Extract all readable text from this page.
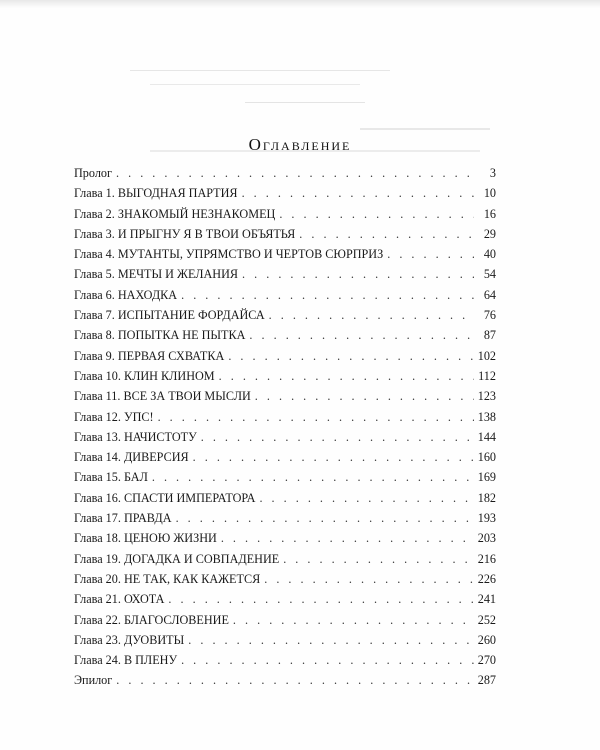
Оглавление
Пролог . . .	3
Глава 1. ВЫГОДНАЯ ПАРТИЯ . . .	10
Глава 2. ЗНАКОМЫЙ НЕЗНАКОМЕЦ . . .	16
Глава 3. И ПРЫГНУ Я В ТВОИ ОБЪЯТЬЯ . . .	29
Глава 4. МУТАНТЫ, УПРЯМСТВО И ЧЕРТОВ СЮРПРИЗ . . .	40
Глава 5. МЕЧТЫ И ЖЕЛАНИЯ . . .	54
Глава 6. НАХОДКА . . .	64
Глава 7. ИСПЫТАНИЕ ФОРДАЙСА . . .	76
Глава 8. ПОПЫТКА НЕ ПЫТКА . . .	87
Глава 9. ПЕРВАЯ СХВАТКА . . .	102
Глава 10. КЛИН КЛИНОМ . . .	112
Глава 11. ВСЕ ЗА ТВОИ МЫСЛИ . . .	123
Глава 12. УПС! . . .	138
Глава 13. НАЧИСТОТУ . . .	144
Глава 14. ДИВЕРСИЯ . . .	160
Глава 15. БАЛ . . .	169
Глава 16. СПАСТИ ИМПЕРАТОРА . . .	182
Глава 17. ПРАВДА . . .	193
Глава 18. ЦЕНОЮ ЖИЗНИ . . .	203
Глава 19. ДОГАДКА И СОВПАДЕНИЕ . . .	216
Глава 20. НЕ ТАК, КАК КАЖЕТСЯ . . .	226
Глава 21. ОХОТА . . .	241
Глава 22. БЛАГОСЛОВЕНИЕ . . .	252
Глава 23. ДУОВИТЫ . . .	260
Глава 24. В ПЛЕНУ . . .	270
Эпилог . . .	287
